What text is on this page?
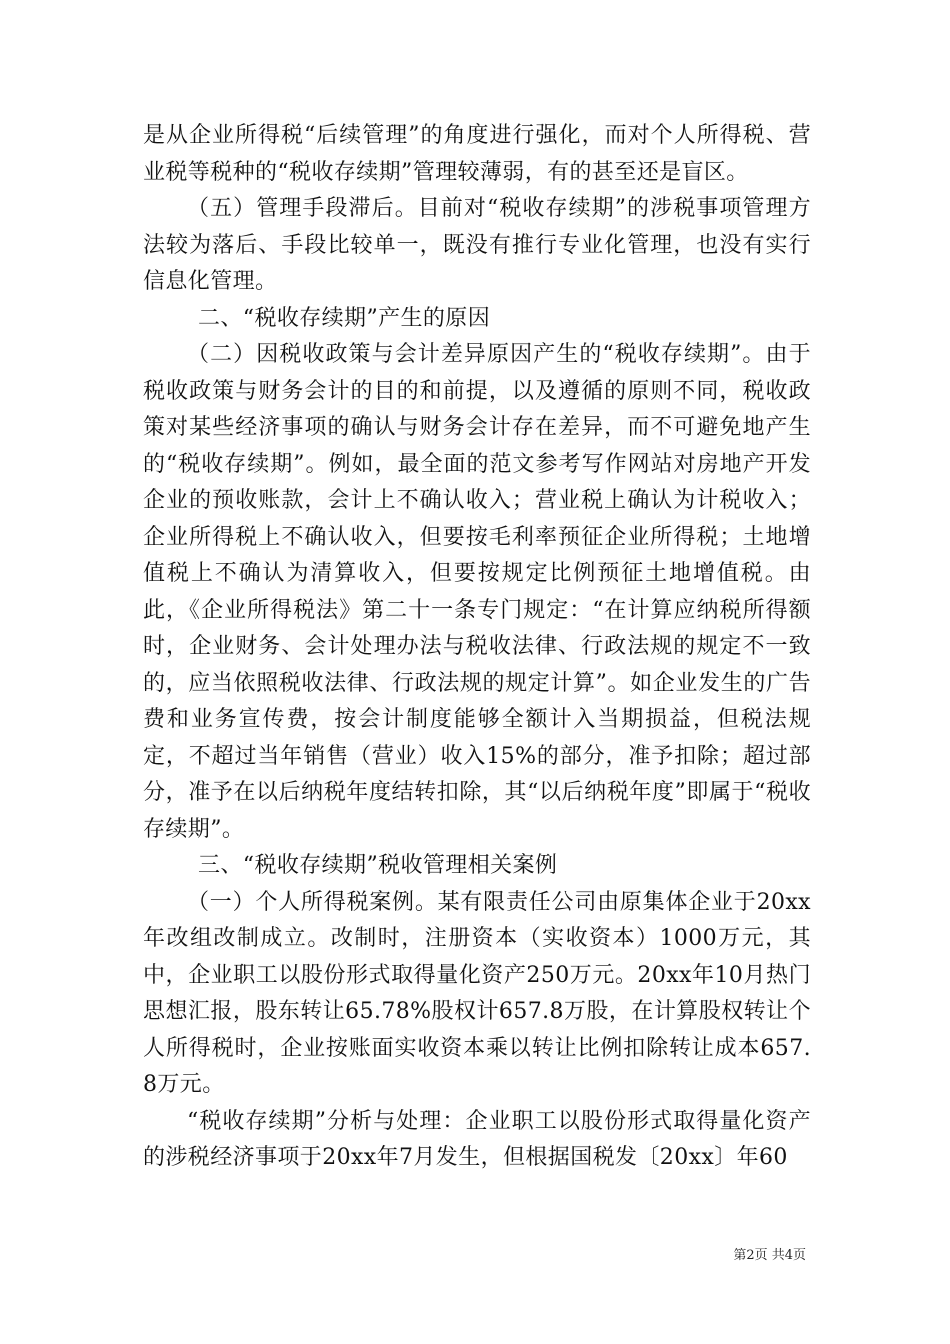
是从企业所得税“后续管理”的角度进行强化，而对个人所得税、营业税等税种的“税收存续期”管理较薄弱，有的甚至还是盲区。

（五）管理手段滞后。目前对“税收存续期”的涉税事项管理方法较为落后、手段比较单一，既没有推行专业化管理，也没有实行信息化管理。

二、“税收存续期”产生的原因

（二）因税收政策与会计差异原因产生的“税收存续期”。由于税收政策与财务会计的目的和前提，以及遵循的原则不同，税收政策对某些经济事项的确认与财务会计存在差异，而不可避免地产生的“税收存续期”。例如，最全面的范文参考写作网站对房地产开发企业的预收账款，会计上不确认收入；营业税上确认为计税收入；企业所得税上不确认收入，但要按毛利率预征企业所得税；土地增值税上不确认为清算收入，但要按规定比例预征土地增值税。由此，《企业所得税法》第二十一条专门规定：“在计算应纳税所得额时，企业财务、会计处理办法与税收法律、行政法规的规定不一致的，应当依照税收法律、行政法规的规定计算”。如企业发生的广告费和业务宣传费，按会计制度能够全额计入当期损益，但税法规定，不超过当年销售（营业）收入15%的部分，准予扣除；超过部分，准予在以后纳税年度结转扣除，其“以后纳税年度”即属于“税收存续期”。

三、“税收存续期”税收管理相关案例

（一）个人所得税案例。某有限责任公司由原集体企业于20xx年改组改制成立。改制时，注册资本（实收资本）1000万元，其中，企业职工以股份形式取得量化资产250万元。20xx年10月热门思想汇报，股东转让65.78%股权计657.8万股，在计算股权转让个人所得税时，企业按账面实收资本乘以转让比例扣除转让成本657.8万元。

“税收存续期”分析与处理：企业职工以股份形式取得量化资产的涉税经济事项于20xx年7月发生，但根据国税发〔20xx〕年60

第2页 共4页
